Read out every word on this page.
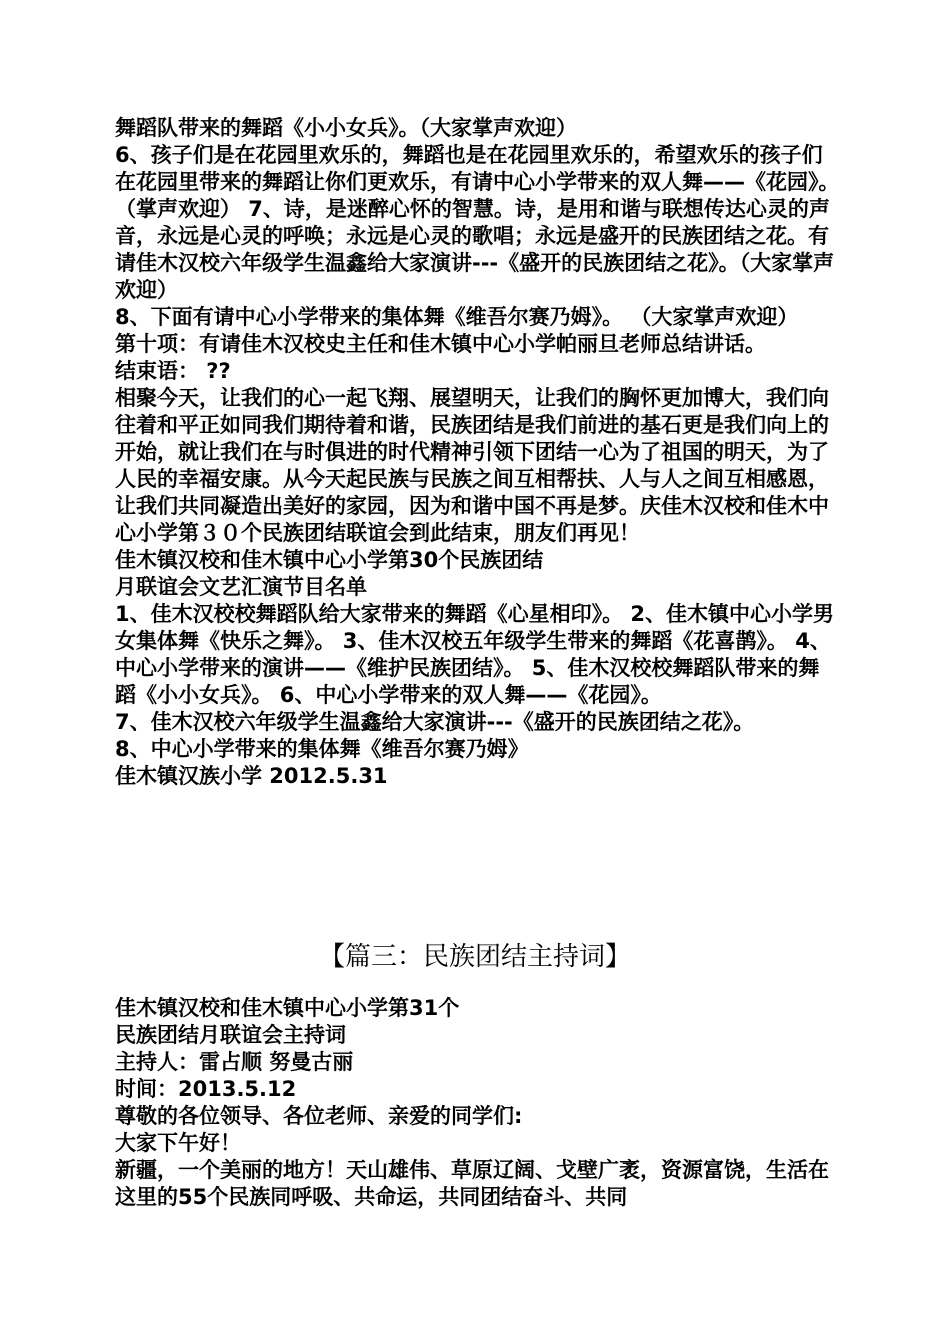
舞蹈队带来的舞蹈《小小女兵》。（大家掌声欢迎）

6、孩子们是在花园里欢乐的，舞蹈也是在花园里欢乐的，希望欢乐的孩子们在花园里带来的舞蹈让你们更欢乐，有请中心小学带来的双人舞——《花园》。（掌声欢迎） 7、诗，是迷醉心怀的智慧。诗，是用和谐与联想传达心灵的声音，永远是心灵的呼唤；永远是心灵的歌唱；永远是盛开的民族团结之花。有请佳木汉校六年级学生温鑫给大家演讲---《盛开的民族团结之花》。（大家掌声欢迎）

8、下面有请中心小学带来的集体舞《维吾尔赛乃姆》。 （大家掌声欢迎）

第十项：有请佳木汉校史主任和佳木镇中心小学帕丽旦老师总结讲话。

结束语： ??

相聚今天，让我们的心一起飞翔、展望明天，让我们的胸怀更加博大，我们向往着和平正如同我们期待着和谐，民族团结是我们前进的基石更是我们向上的开始，就让我们在与时俱进的时代精神引领下团结一心为了祖国的明天，为了人民的幸福安康。从今天起民族与民族之间互相帮扶、人与人之间互相感恩，让我们共同凝造出美好的家园，因为和谐中国不再是梦。庆佳木汉校和佳木中心小学第３０个民族团结联谊会到此结束，朋友们再见！

佳木镇汉校和佳木镇中心小学第30个民族团结

月联谊会文艺汇演节目名单

1、佳木汉校校舞蹈队给大家带来的舞蹈《心星相印》。 2、佳木镇中心小学男女集体舞《快乐之舞》。 3、佳木汉校五年级学生带来的舞蹈《花喜鹊》。 4、中心小学带来的演讲——《维护民族团结》。 5、佳木汉校校舞蹈队带来的舞蹈《小小女兵》。 6、中心小学带来的双人舞——《花园》。

7、佳木汉校六年级学生温鑫给大家演讲---《盛开的民族团结之花》。

8、中心小学带来的集体舞《维吾尔赛乃姆》

佳木镇汉族小学 2012.5.31

【篇三：民族团结主持词】

佳木镇汉校和佳木镇中心小学第31个

民族团结月联谊会主持词

主持人：雷占顺 努曼古丽

时间：2013.5.12

尊敬的各位领导、各位老师、亲爱的同学们:

大家下午好！

新疆，一个美丽的地方！天山雄伟、草原辽阔、戈壁广袤，资源富饶，生活在这里的55个民族同呼吸、共命运，共同团结奋斗、共同
